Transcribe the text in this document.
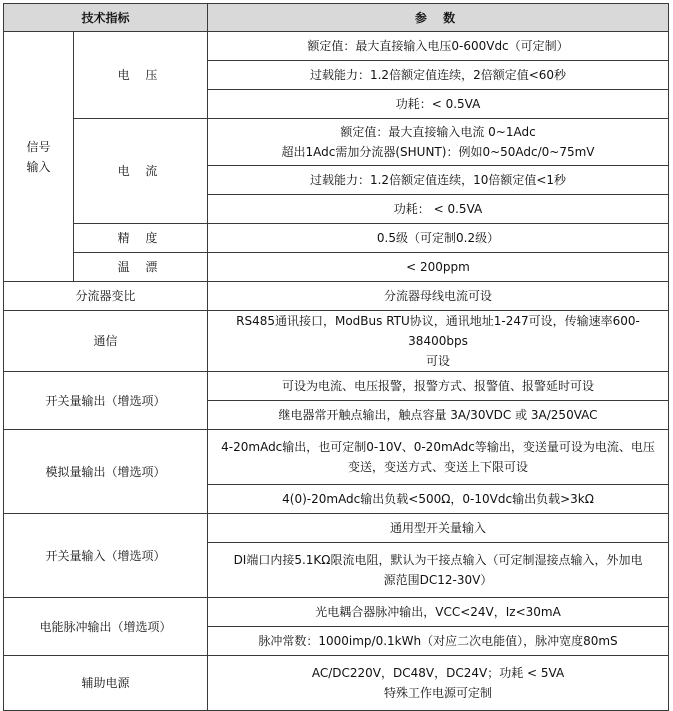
技术指标		参 数

信号
输入	电 压	额定值：最大直接输入电压0-600Vdc（可定制）
		过载能力：1.2倍额定值连续，2倍额定值<60秒
		功耗：< 0.5VA
	电 流	额定值：最大直接输入电流 0~1Adc
超出1Adc需加分流器(SHUNT)：例如0~50Adc/0~75mV

		过载能力：1.2倍额定值连续，10倍额定值<1秒
		功耗： < 0.5VA
	精 度	0.5级（可定制0.2级）
	温 漂	< 200ppm
分流器变比		分流器母线电流可设
通信		RS485通讯接口，ModBus RTU协议，通讯地址1-247可设，传输速率600-38400bps
可设

开关量输出（增选项）		可设为电流、电压报警，报警方式、报警值、报警延时可设
		继电器常开触点输出，触点容量 3A/30VDC 或 3A/250VAC
模拟量输出（增选项）		4-20mAdc输出，也可定制0-10V、0-20mAdc等输出，变送量可设为电流、电压
变送，变送方式、变送上下限可设

		4(0)-20mAdc输出负载<500Ω，0-10Vdc输出负载>3kΩ
开关量输入（增选项）		通用型开关量输入

		DI端口内接5.1KΩ限流电阻，默认为干接点输入（可定制湿接点输入，外加电
源范围DC12-30V）

电能脉冲输出（增选项）		光电耦合器脉冲输出，VCC<24V，Iz<30mA
		脉冲常数：1000imp/0.1kWh（对应二次电能值），脉冲宽度80mS
辅助电源		AC/DC220V，DC48V，DC24V；功耗 < 5VA
特殊工作电源可定制
